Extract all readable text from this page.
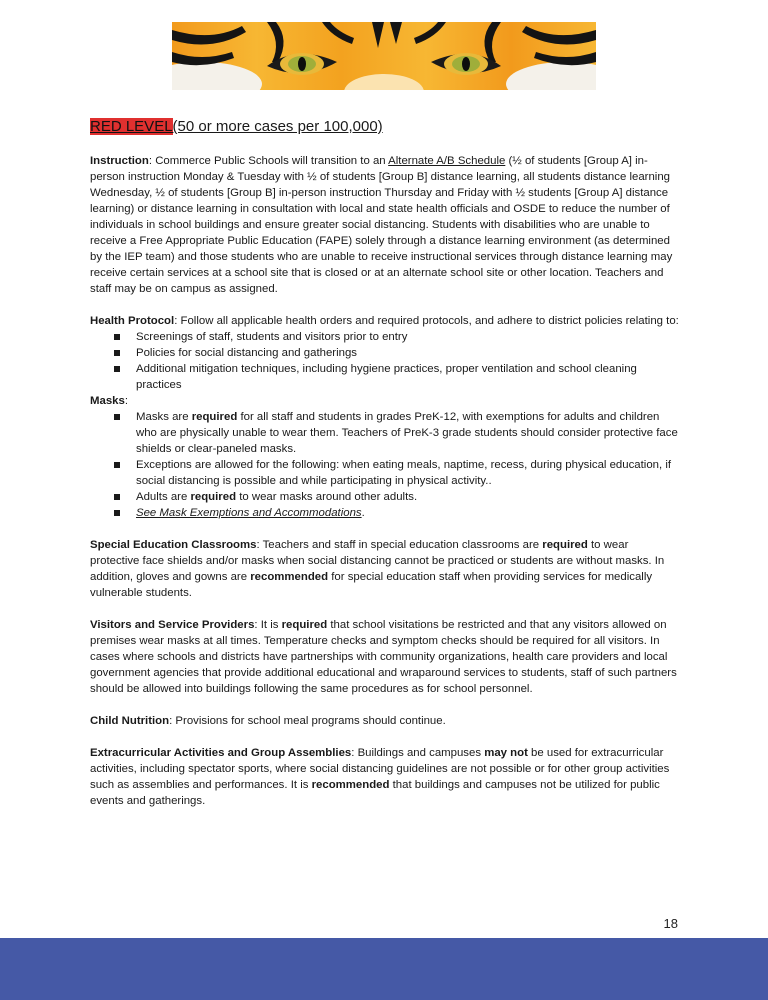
RED LEVEL(50 or more cases per 100,000)

Instruction: Commerce Public Schools will transition to an Alternate A/B Schedule (½ of students [Group A] in-person instruction Monday & Tuesday with ½ of students [Group B] distance learning, all students distance learning Wednesday, ½ of students [Group B] in-person instruction Thursday and Friday with ½ students [Group A] distance learning) or distance learning in consultation with local and state health officials and OSDE to reduce the number of individuals in school buildings and ensure greater social distancing. Students with disabilities who are unable to receive a Free Appropriate Public Education (FAPE) solely through a distance learning environment (as determined by the IEP team) and those students who are unable to receive instructional services through distance learning may receive certain services at a school site that is closed or at an alternate school site or other location. Teachers and staff may be on campus as assigned.

Health Protocol: Follow all applicable health orders and required protocols, and adhere to district policies relating to:

Screenings of staff, students and visitors prior to entry
Policies for social distancing and gatherings
Additional mitigation techniques, including hygiene practices, proper ventilation and school cleaning practices

Masks:

Masks are required for all staff and students in grades PreK-12, with exemptions for adults and children who are physically unable to wear them. Teachers of PreK-3 grade students should consider protective face shields or clear-paneled masks.
Exceptions are allowed for the following: when eating meals, naptime, recess, during physical education, if social distancing is possible and while participating in physical activity..
Adults are required to wear masks around other adults.
See Mask Exemptions and Accommodations.

Special Education Classrooms: Teachers and staff in special education classrooms are required to wear protective face shields and/or masks when social distancing cannot be practiced or students are without masks. In addition, gloves and gowns are recommended for special education staff when providing services for medically vulnerable students.

Visitors and Service Providers: It is required that school visitations be restricted and that any visitors allowed on premises wear masks at all times. Temperature checks and symptom checks should be required for all visitors. In cases where schools and districts have partnerships with community organizations, health care providers and local government agencies that provide additional educational and wraparound services to students, staff of such partners should be allowed into buildings following the same procedures as for school personnel.

Child Nutrition: Provisions for school meal programs should continue.

Extracurricular Activities and Group Assemblies: Buildings and campuses may not be used for extracurricular activities, including spectator sports, where social distancing guidelines are not possible or for other group activities such as assemblies and performances. It is recommended that buildings and campuses not be utilized for public events and gatherings.

18
